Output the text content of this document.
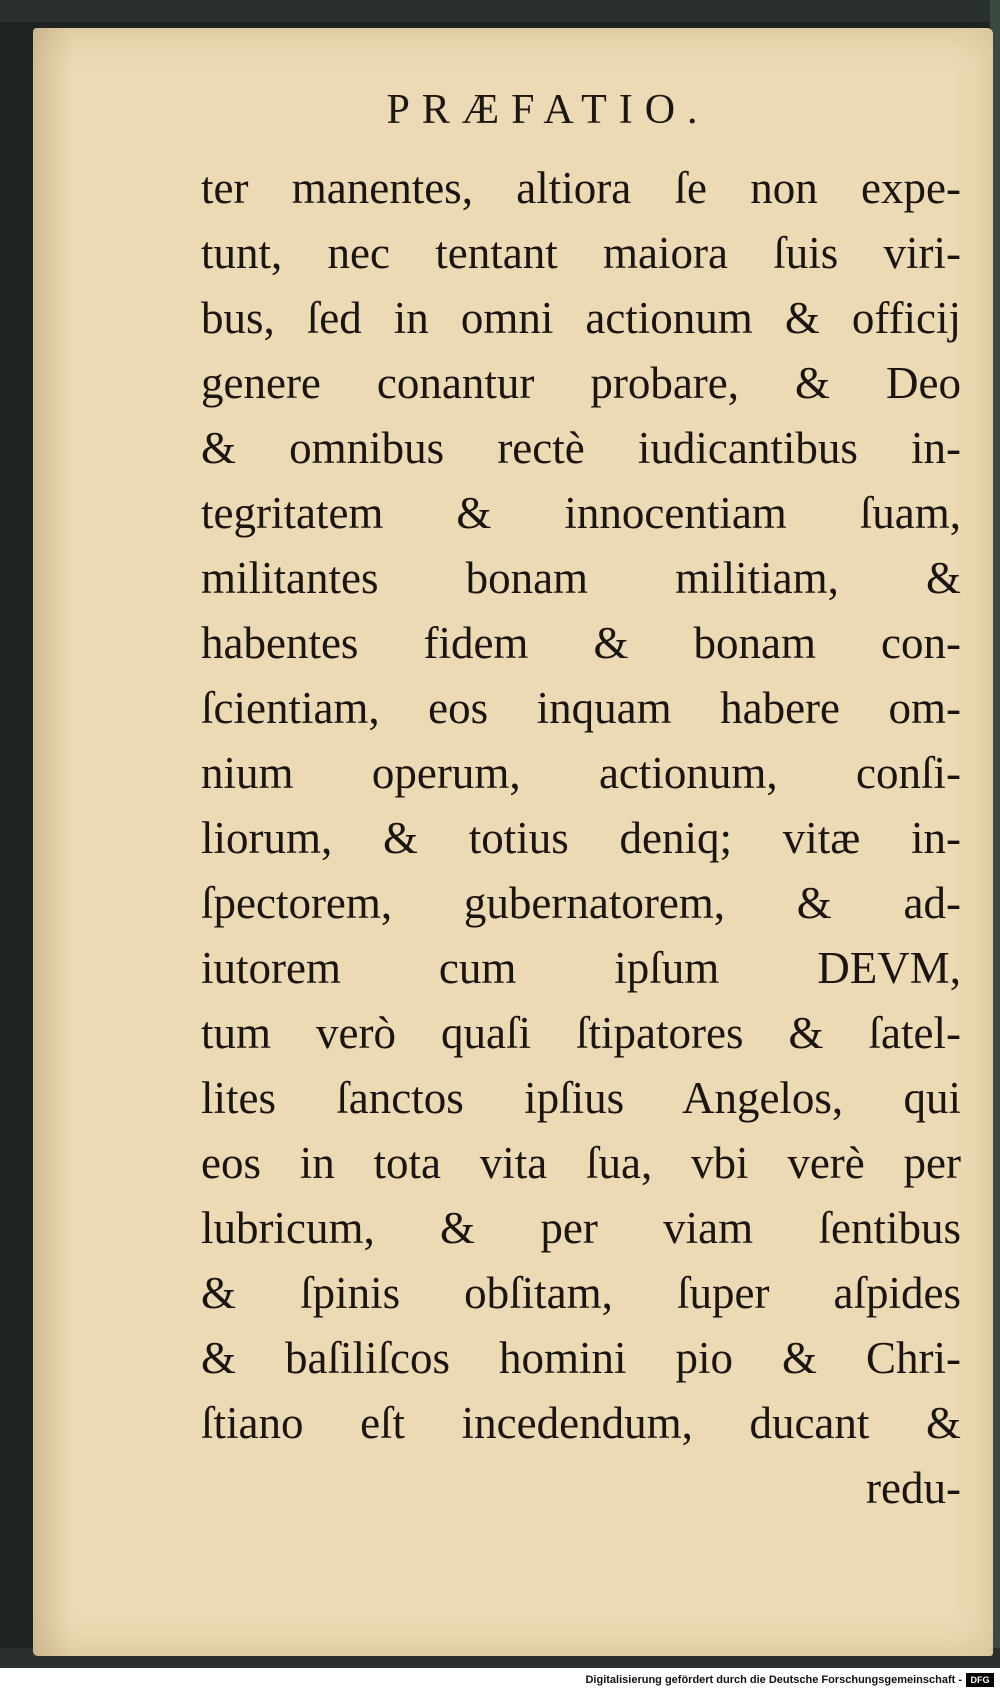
PRÆFATIO.
ter manentes, altiora ſe non expe-
tunt, nec tentant maiora ſuis viri-
bus, ſed in omni actionum & officij
genere conantur probare, & Deo
& omnibus rectè iudicantibus in-
tegritatem & innocentiam ſuam,
militantes bonam militiam, &
habentes fidem & bonam con-
ſcientiam, eos inquam habere om-
nium operum, actionum, conſi-
liorum, & totius deniq; vitæ in-
ſpectorem, gubernatorem, & ad-
iutorem cum ipſum DEVM,
tum verò quaſi ſtipatores & ſatel-
lites ſanctos ipſius Angelos, qui
eos in tota vita ſua, vbi verè per
lubricum, & per viam ſentibus
& ſpinis obſitam, ſuper aſpides
& baſiliſcos homini pio & Chri-
ſtiano eſt incedendum, ducant &
redu-
Digitalisierung gefördert durch die Deutsche Forschungsgemeinschaft - DFG
